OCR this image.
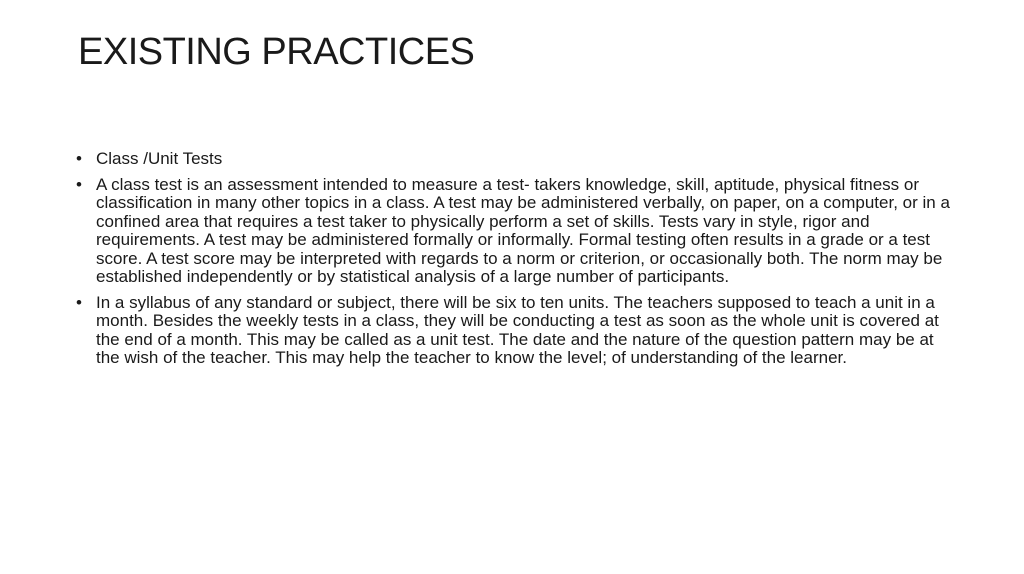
EXISTING PRACTICES
• Class /Unit Tests
• A class test is an assessment intended to measure a test- takers knowledge, skill, aptitude, physical fitness or classification in many other topics in a class. A test may be administered verbally, on paper, on a computer, or in a confined area that requires a test taker to physically perform a set of skills. Tests vary in style, rigor and requirements. A test may be administered formally or informally. Formal testing often results in a grade or a test score. A test score may be interpreted with regards to a norm or criterion, or occasionally both. The norm may be established independently or by statistical analysis of a large number of participants.
• In a syllabus of any standard or subject, there will be six to ten units. The teachers supposed to teach a unit in a month. Besides the weekly tests in a class, they will be conducting a test as soon as the whole unit is covered at the end of a month. This may be called as a unit test. The date and the nature of the question pattern may be at the wish of the teacher. This may help the teacher to know the level; of understanding of the learner.
